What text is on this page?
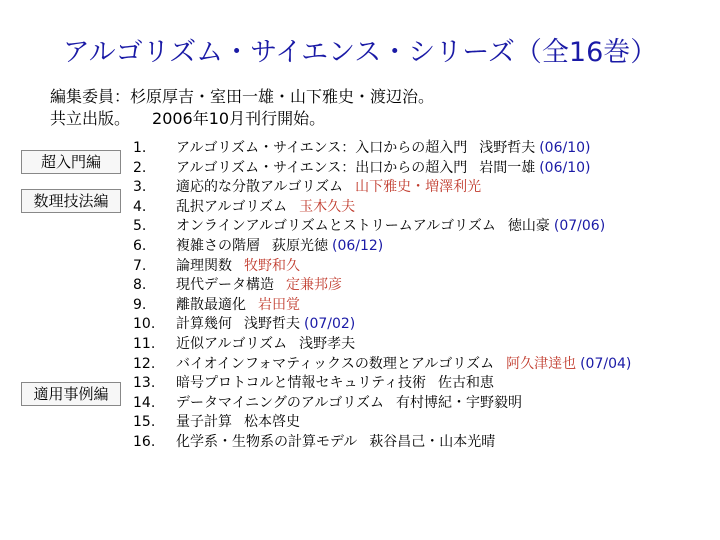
アルゴリズム・サイエンス・シリーズ（全16巻）
編集委員：杉原厚吉・室田一雄・山下雅史・渡辺治。
共立出版。 2006年10月刊行開始。
超入門編
数理技法編
適用事例編
1.	アルゴリズム・サイエンス：入口からの超入門 浅野哲夫 (06/10)
2.	アルゴリズム・サイエンス：出口からの超入門 岩間一雄 (06/10)
3.	適応的な分散アルゴリズム 山下雅史・増澤利光
4.	乱択アルゴリズム 玉木久夫
5.	オンラインアルゴリズムとストリームアルゴリズム 徳山豪 (07/06)
6.	複雑さの階層 荻原光徳 (06/12)
7.	論理関数 牧野和久
8.	現代データ構造 定兼邦彦
9.	離散最適化 岩田覚
10.	計算幾何 浅野哲夫 (07/02)
11.	近似アルゴリズム 浅野孝夫
12.	バイオインフォマティックスの数理とアルゴリズム 阿久津達也 (07/04)
13.	暗号プロトコルと情報セキュリティ技術 佐古和恵
14.	データマイニングのアルゴリズム 有村博紀・宇野毅明
15.	量子計算 松本啓史
16.	化学系・生物系の計算モデル 萩谷昌己・山本光晴
